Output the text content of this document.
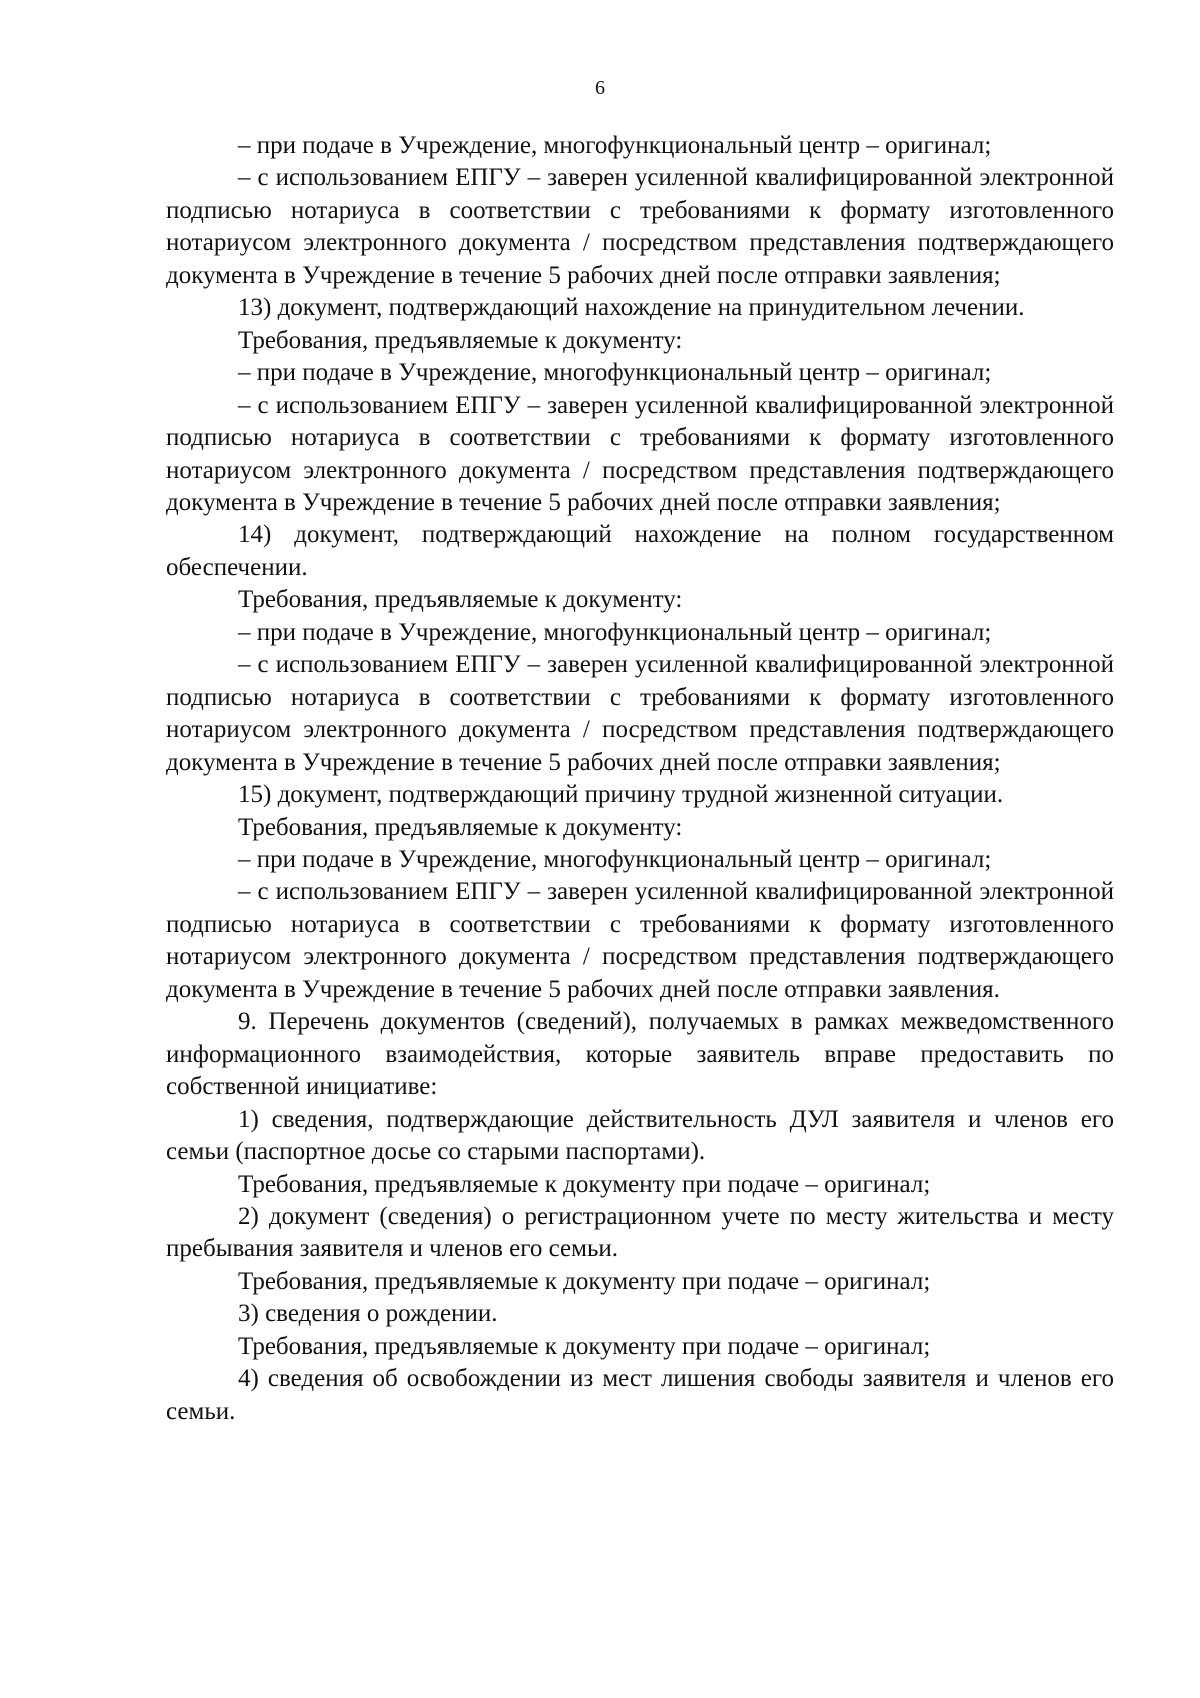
6

– при подаче в Учреждение, многофункциональный центр – оригинал;

– с использованием ЕПГУ – заверен усиленной квалифицированной электронной подписью нотариуса в соответствии с требованиями к формату изготовленного нотариусом электронного документа / посредством представления подтверждающего документа в Учреждение в течение 5 рабочих дней после отправки заявления;

13) документ, подтверждающий нахождение на принудительном лечении.

Требования, предъявляемые к документу:

– при подаче в Учреждение, многофункциональный центр – оригинал;

– с использованием ЕПГУ – заверен усиленной квалифицированной электронной подписью нотариуса в соответствии с требованиями к формату изготовленного нотариусом электронного документа / посредством представления подтверждающего документа в Учреждение в течение 5 рабочих дней после отправки заявления;

14) документ, подтверждающий нахождение на полном государственном обеспечении.

Требования, предъявляемые к документу:

– при подаче в Учреждение, многофункциональный центр – оригинал;

– с использованием ЕПГУ – заверен усиленной квалифицированной электронной подписью нотариуса в соответствии с требованиями к формату изготовленного нотариусом электронного документа / посредством представления подтверждающего документа в Учреждение в течение 5 рабочих дней после отправки заявления;

15) документ, подтверждающий причину трудной жизненной ситуации.

Требования, предъявляемые к документу:

– при подаче в Учреждение, многофункциональный центр – оригинал;

– с использованием ЕПГУ – заверен усиленной квалифицированной электронной подписью нотариуса в соответствии с требованиями к формату изготовленного нотариусом электронного документа / посредством представления подтверждающего документа в Учреждение в течение 5 рабочих дней после отправки заявления.

9. Перечень документов (сведений), получаемых в рамках межведомственного информационного взаимодействия, которые заявитель вправе предоставить по собственной инициативе:

1) сведения, подтверждающие действительность ДУЛ заявителя и членов его семьи (паспортное досье со старыми паспортами).

Требования, предъявляемые к документу при подаче – оригинал;

2) документ (сведения) о регистрационном учете по месту жительства и месту пребывания заявителя и членов его семьи.

Требования, предъявляемые к документу при подаче – оригинал;

3) сведения о рождении.

Требования, предъявляемые к документу при подаче – оригинал;

4) сведения об освобождении из мест лишения свободы заявителя и членов его семьи.
